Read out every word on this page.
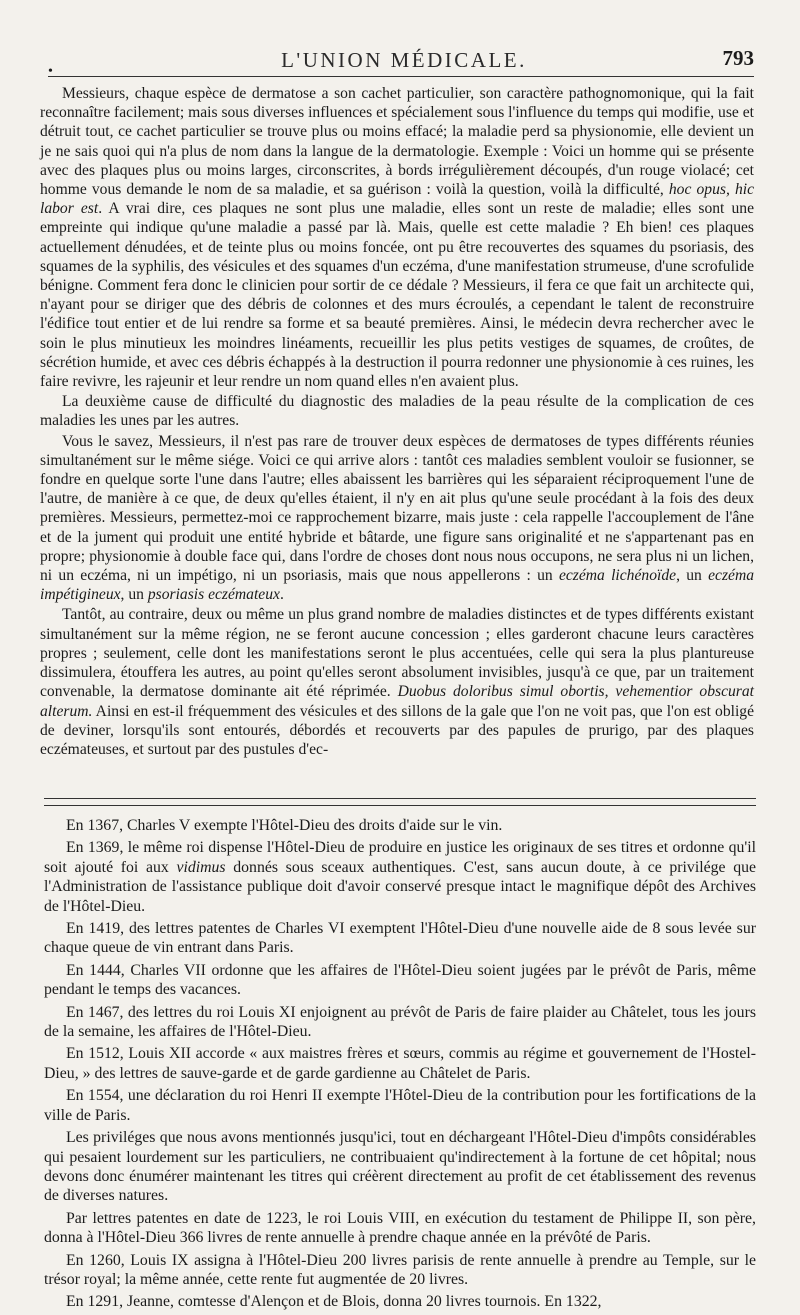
•	L'UNION MÉDICALE.	793

Messieurs, chaque espèce de dermatose a son cachet particulier, son caractère pathognomonique, qui la fait reconnaître facilement; mais sous diverses influences et spécialement sous l'influence du temps qui modifie, use et détruit tout, ce cachet particulier se trouve plus ou moins effacé; la maladie perd sa physionomie, elle devient un je ne sais quoi qui n'a plus de nom dans la langue de la dermatologie. Exemple : Voici un homme qui se présente avec des plaques plus ou moins larges, circonscrites, à bords irrégulièrement découpés, d'un rouge violacé; cet homme vous demande le nom de sa maladie, et sa guérison : voilà la question, voilà la difficulté, hoc opus, hic labor est. A vrai dire, ces plaques ne sont plus une maladie, elles sont un reste de maladie; elles sont une empreinte qui indique qu'une maladie a passé par là. Mais, quelle est cette maladie ? Eh bien! ces plaques actuellement dénudées, et de teinte plus ou moins foncée, ont pu être recouvertes des squames du psoriasis, des squames de la syphilis, des vésicules et des squames d'un eczéma, d'une manifestation strumeuse, d'une scrofulide bénigne. Comment fera donc le clinicien pour sortir de ce dédale ? Messieurs, il fera ce que fait un architecte qui, n'ayant pour se diriger que des débris de colonnes et des murs écroulés, a cependant le talent de reconstruire l'édifice tout entier et de lui rendre sa forme et sa beauté premières. Ainsi, le médecin devra rechercher avec le soin le plus minutieux les moindres linéaments, recueillir les plus petits vestiges de squames, de croûtes, de sécrétion humide, et avec ces débris échappés à la destruction il pourra redonner une physionomie à ces ruines, les faire revivre, les rajeunir et leur rendre un nom quand elles n'en avaient plus.

La deuxième cause de difficulté du diagnostic des maladies de la peau résulte de la complication de ces maladies les unes par les autres.

Vous le savez, Messieurs, il n'est pas rare de trouver deux espèces de dermatoses de types différents réunies simultanément sur le même siége. Voici ce qui arrive alors : tantôt ces maladies semblent vouloir se fusionner, se fondre en quelque sorte l'une dans l'autre; elles abaissent les barrières qui les séparaient réciproquement l'une de l'autre, de manière à ce que, de deux qu'elles étaient, il n'y en ait plus qu'une seule procédant à la fois des deux premières. Messieurs, permettez-moi ce rapprochement bizarre, mais juste : cela rappelle l'accouplement de l'âne et de la jument qui produit une entité hybride et bâtarde, une figure sans originalité et ne s'appartenant pas en propre; physionomie à double face qui, dans l'ordre de choses dont nous nous occupons, ne sera plus ni un lichen, ni un eczéma, ni un impétigo, ni un psoriasis, mais que nous appellerons : un eczéma lichénoïde, un eczéma impétigineux, un psoriasis eczémateux.

Tantôt, au contraire, deux ou même un plus grand nombre de maladies distinctes et de types différents existant simultanément sur la même région, ne se feront aucune concession ; elles garderont chacune leurs caractères propres ; seulement, celle dont les manifestations seront le plus accentuées, celle qui sera la plus plantureuse dissimulera, étouffera les autres, au point qu'elles seront absolument invisibles, jusqu'à ce que, par un traitement convenable, la dermatose dominante ait été réprimée. Duobus doloribus simul obortis, vehementior obscurat alterum. Ainsi en est-il fréquemment des vésicules et des sillons de la gale que l'on ne voit pas, que l'on est obligé de deviner, lorsqu'ils sont entourés, débordés et recouverts par des papules de prurigo, par des plaques eczémateuses, et surtout par des pustules d'ec-

En 1367, Charles V exempte l'Hôtel-Dieu des droits d'aide sur le vin.

En 1369, le même roi dispense l'Hôtel-Dieu de produire en justice les originaux de ses titres et ordonne qu'il soit ajouté foi aux vidimus donnés sous sceaux authentiques. C'est, sans aucun doute, à ce privilége que l'Administration de l'assistance publique doit d'avoir conservé presque intact le magnifique dépôt des Archives de l'Hôtel-Dieu.

En 1419, des lettres patentes de Charles VI exemptent l'Hôtel-Dieu d'une nouvelle aide de 8 sous levée sur chaque queue de vin entrant dans Paris.

En 1444, Charles VII ordonne que les affaires de l'Hôtel-Dieu soient jugées par le prévôt de Paris, même pendant le temps des vacances.

En 1467, des lettres du roi Louis XI enjoignent au prévôt de Paris de faire plaider au Châtelet, tous les jours de la semaine, les affaires de l'Hôtel-Dieu.

En 1512, Louis XII accorde « aux maistres frères et sœurs, commis au régime et gouvernement de l'Hostel-Dieu, » des lettres de sauve-garde et de garde gardienne au Châtelet de Paris.

En 1554, une déclaration du roi Henri II exempte l'Hôtel-Dieu de la contribution pour les fortifications de la ville de Paris.

Les priviléges que nous avons mentionnés jusqu'ici, tout en déchargeant l'Hôtel-Dieu d'impôts considérables qui pesaient lourdement sur les particuliers, ne contribuaient qu'indirectement à la fortune de cet hôpital; nous devons donc énumérer maintenant les titres qui créèrent directement au profit de cet établissement des revenus de diverses natures.

Par lettres patentes en date de 1223, le roi Louis VIII, en exécution du testament de Philippe II, son père, donna à l'Hôtel-Dieu 366 livres de rente annuelle à prendre chaque année en la prévôté de Paris.

En 1260, Louis IX assigna à l'Hôtel-Dieu 200 livres parisis de rente annuelle à prendre au Temple, sur le trésor royal; la même année, cette rente fut augmentée de 20 livres.

En 1291, Jeanne, comtesse d'Alençon et de Blois, donna 20 livres tournois. En 1322,
